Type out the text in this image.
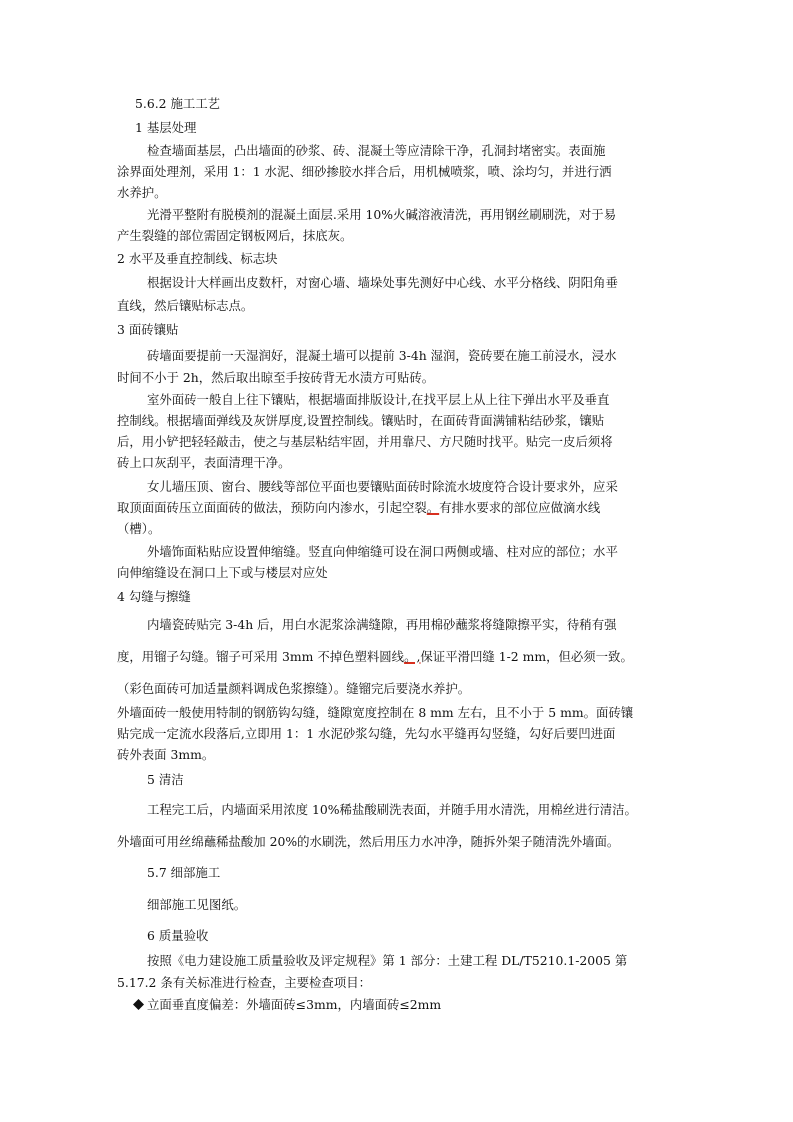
5.6.2 施工工艺
1 基层处理
检查墙面基层，凸出墙面的砂浆、砖、混凝土等应清除干净，孔洞封堵密实。表面施
涂界面处理剂，采用 1：1 水泥、细砂掺胶水拌合后，用机械喷浆，喷、涂均匀，并进行洒
水养护。
光滑平整附有脱模剂的混凝土面层.采用 10%火碱溶液清洗，再用钢丝刷刷洗，对于易
产生裂缝的部位需固定钢板网后，抹底灰。
2 水平及垂直控制线、标志块
根据设计大样画出皮数杆，对窗心墙、墙垛处事先测好中心线、水平分格线、阴阳角垂
直线，然后镶贴标志点。
3 面砖镶贴
砖墙面要提前一天湿润好，混凝土墙可以提前 3-4h 湿润，瓷砖要在施工前浸水，浸水
时间不小于 2h，然后取出晾至手按砖背无水渍方可贴砖。
室外面砖一般自上往下镶贴，根据墙面排版设计,在找平层上从上往下弹出水平及垂直
控制线。根据墙面弹线及灰饼厚度,设置控制线。镶贴时，在面砖背面满铺粘结砂浆，镶贴
后，用小铲把轻轻敲击，使之与基层粘结牢固，并用靠尺、方尺随时找平。贴完一皮后须将
砖上口灰刮平，表面清理干净。
女儿墙压顶、窗台、腰线等部位平面也要镶贴面砖时除流水坡度符合设计要求外，应采
取顶面面砖压立面面砖的做法，预防向内渗水，引起空裂。有排水要求的部位应做滴水线
（槽）。
外墙饰面粘贴应设置伸缩缝。竖直向伸缩缝可设在洞口两侧或墙、柱对应的部位；水平
向伸缩缝设在洞口上下或与楼层对应处
4 勾缝与擦缝
内墙瓷砖贴完 3-4h 后，用白水泥浆涂满缝隙，再用棉砂蘸浆将缝隙擦平实，待稍有强
度，用镏子勾缝。镏子可采用 3mm 不掉色塑料圆线。,保证平滑凹缝 1-2 mm，但必须一致。
（彩色面砖可加适量颜料调成色浆擦缝）。缝镏完后要浇水养护。
外墙面砖一般使用特制的钢筋钩勾缝，缝隙宽度控制在 8 mm 左右，且不小于 5 mm。面砖镶
贴完成一定流水段落后,立即用 1：1 水泥砂浆勾缝，先勾水平缝再勾竖缝，勾好后要凹进面
砖外表面 3mm。
5 清洁
工程完工后，内墙面采用浓度 10%稀盐酸刷洗表面，并随手用水清洗，用棉丝进行清洁。
外墙面可用丝绵蘸稀盐酸加 20%的水刷洗，然后用压力水冲净，随拆外架子随清洗外墙面。
5.7 细部施工
细部施工见图纸。
6 质量验收
按照《电力建设施工质量验收及评定规程》第 1 部分：土建工程 DL/T5210.1-2005 第
5.17.2 条有关标准进行检查，主要检查项目：
立面垂直度偏差：外墙面砖≤3mm，内墙面砖≤2mm
